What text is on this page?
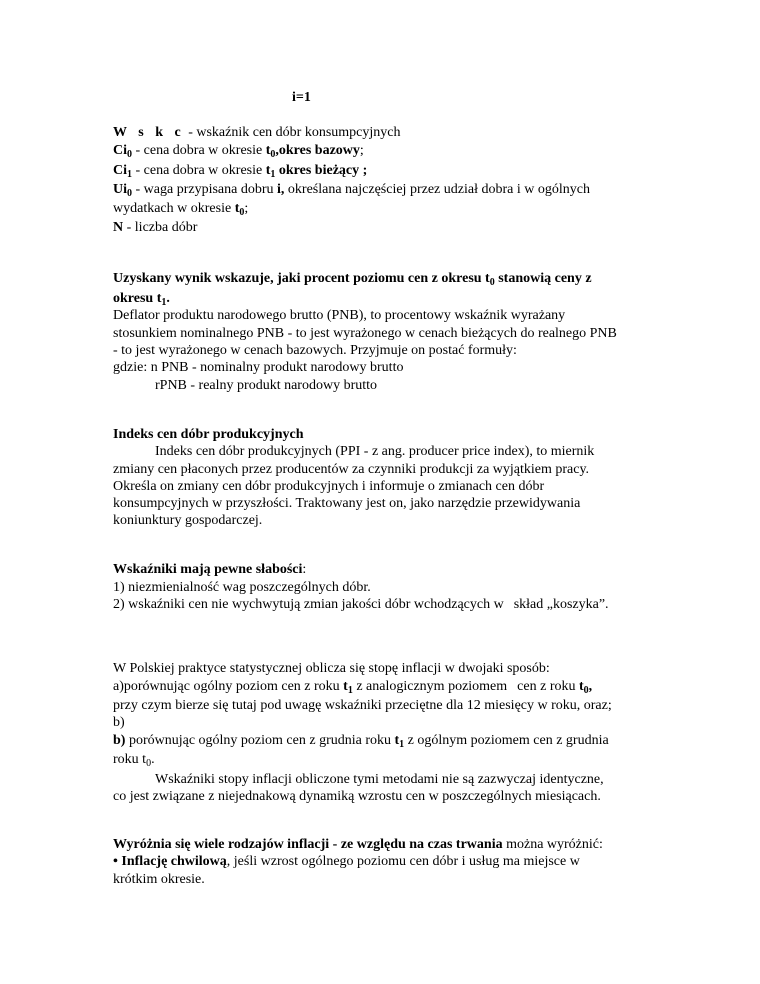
i=1
W s k c - wskaźnik cen dóbr konsumpcyjnych
$Ci_0$ - cena dobra w okresie $t_0,okres$ bazowy;
$Ci_1$ - cena dobra w okresie $t_1$ okres bieżący ;
$Ui_0$ - waga przypisana dobru i, określana najczęściej przez udział dobra i w ogólnych
wydatkach w okresie $t_0$;
N - liczba dóbr
Uzyskany wynik wskazuje, jaki procent poziomu cen z okresu $t_0$ stanowią ceny z
okresu $t_1$.
Deflator produktu narodowego brutto (PNB), to procentowy wskaźnik wyrażany
stosunkiem nominalnego PNB - to jest wyrażonego w cenach bieżących do realnego PNB
- to jest wyrażonego w cenach bazowych. Przyjmuje on postać formuły:
gdzie: n PNB - nominalny produkt narodowy brutto
rPNB - realny produkt narodowy brutto
Indeks cen dóbr produkcyjnych
Indeks cen dóbr produkcyjnych (PPI - z ang. producer price index), to miernik
zmiany cen płaconych przez producentów za czynniki produkcji za wyjątkiem pracy.
Określa on zmiany cen dóbr produkcyjnych i informuje o zmianach cen dóbr
konsumpcyjnych w przyszłości. Traktowany jest on, jako narzędzie przewidywania
koniunktury gospodarczej.
Wskaźniki mają pewne słabości:
1) niezmienialność wag poszczególnych dóbr.
2) wskaźniki cen nie wychwytują zmian jakości dóbr wchodzących w skład „koszyka”.
W Polskiej praktyce statystycznej oblicza się stopę inflacji w dwojaki sposób:
a)porównując ogólny poziom cen z roku $t_1$ z analogicznym poziomem cen z roku $t_0$,
przy czym bierze się tutaj pod uwagę wskaźniki przeciętne dla 12 miesięcy w roku, oraz;
b)
b) porównując ogólny poziom cen z grudnia roku $t_1$ z ogólnym poziomem cen z grudnia
roku $t_0$.
Wskaźniki stopy inflacji obliczone tymi metodami nie są zazwyczaj identyczne,
co jest związane z niejednakową dynamiką wzrostu cen w poszczególnych miesiącach.
Wyróżnia się wiele rodzajów inflacji - ze względu na czas trwania można wyróżnić:
• Inflację chwilową, jeśli wzrost ogólnego poziomu cen dóbr i usług ma miejsce w
krótkim okresie.
